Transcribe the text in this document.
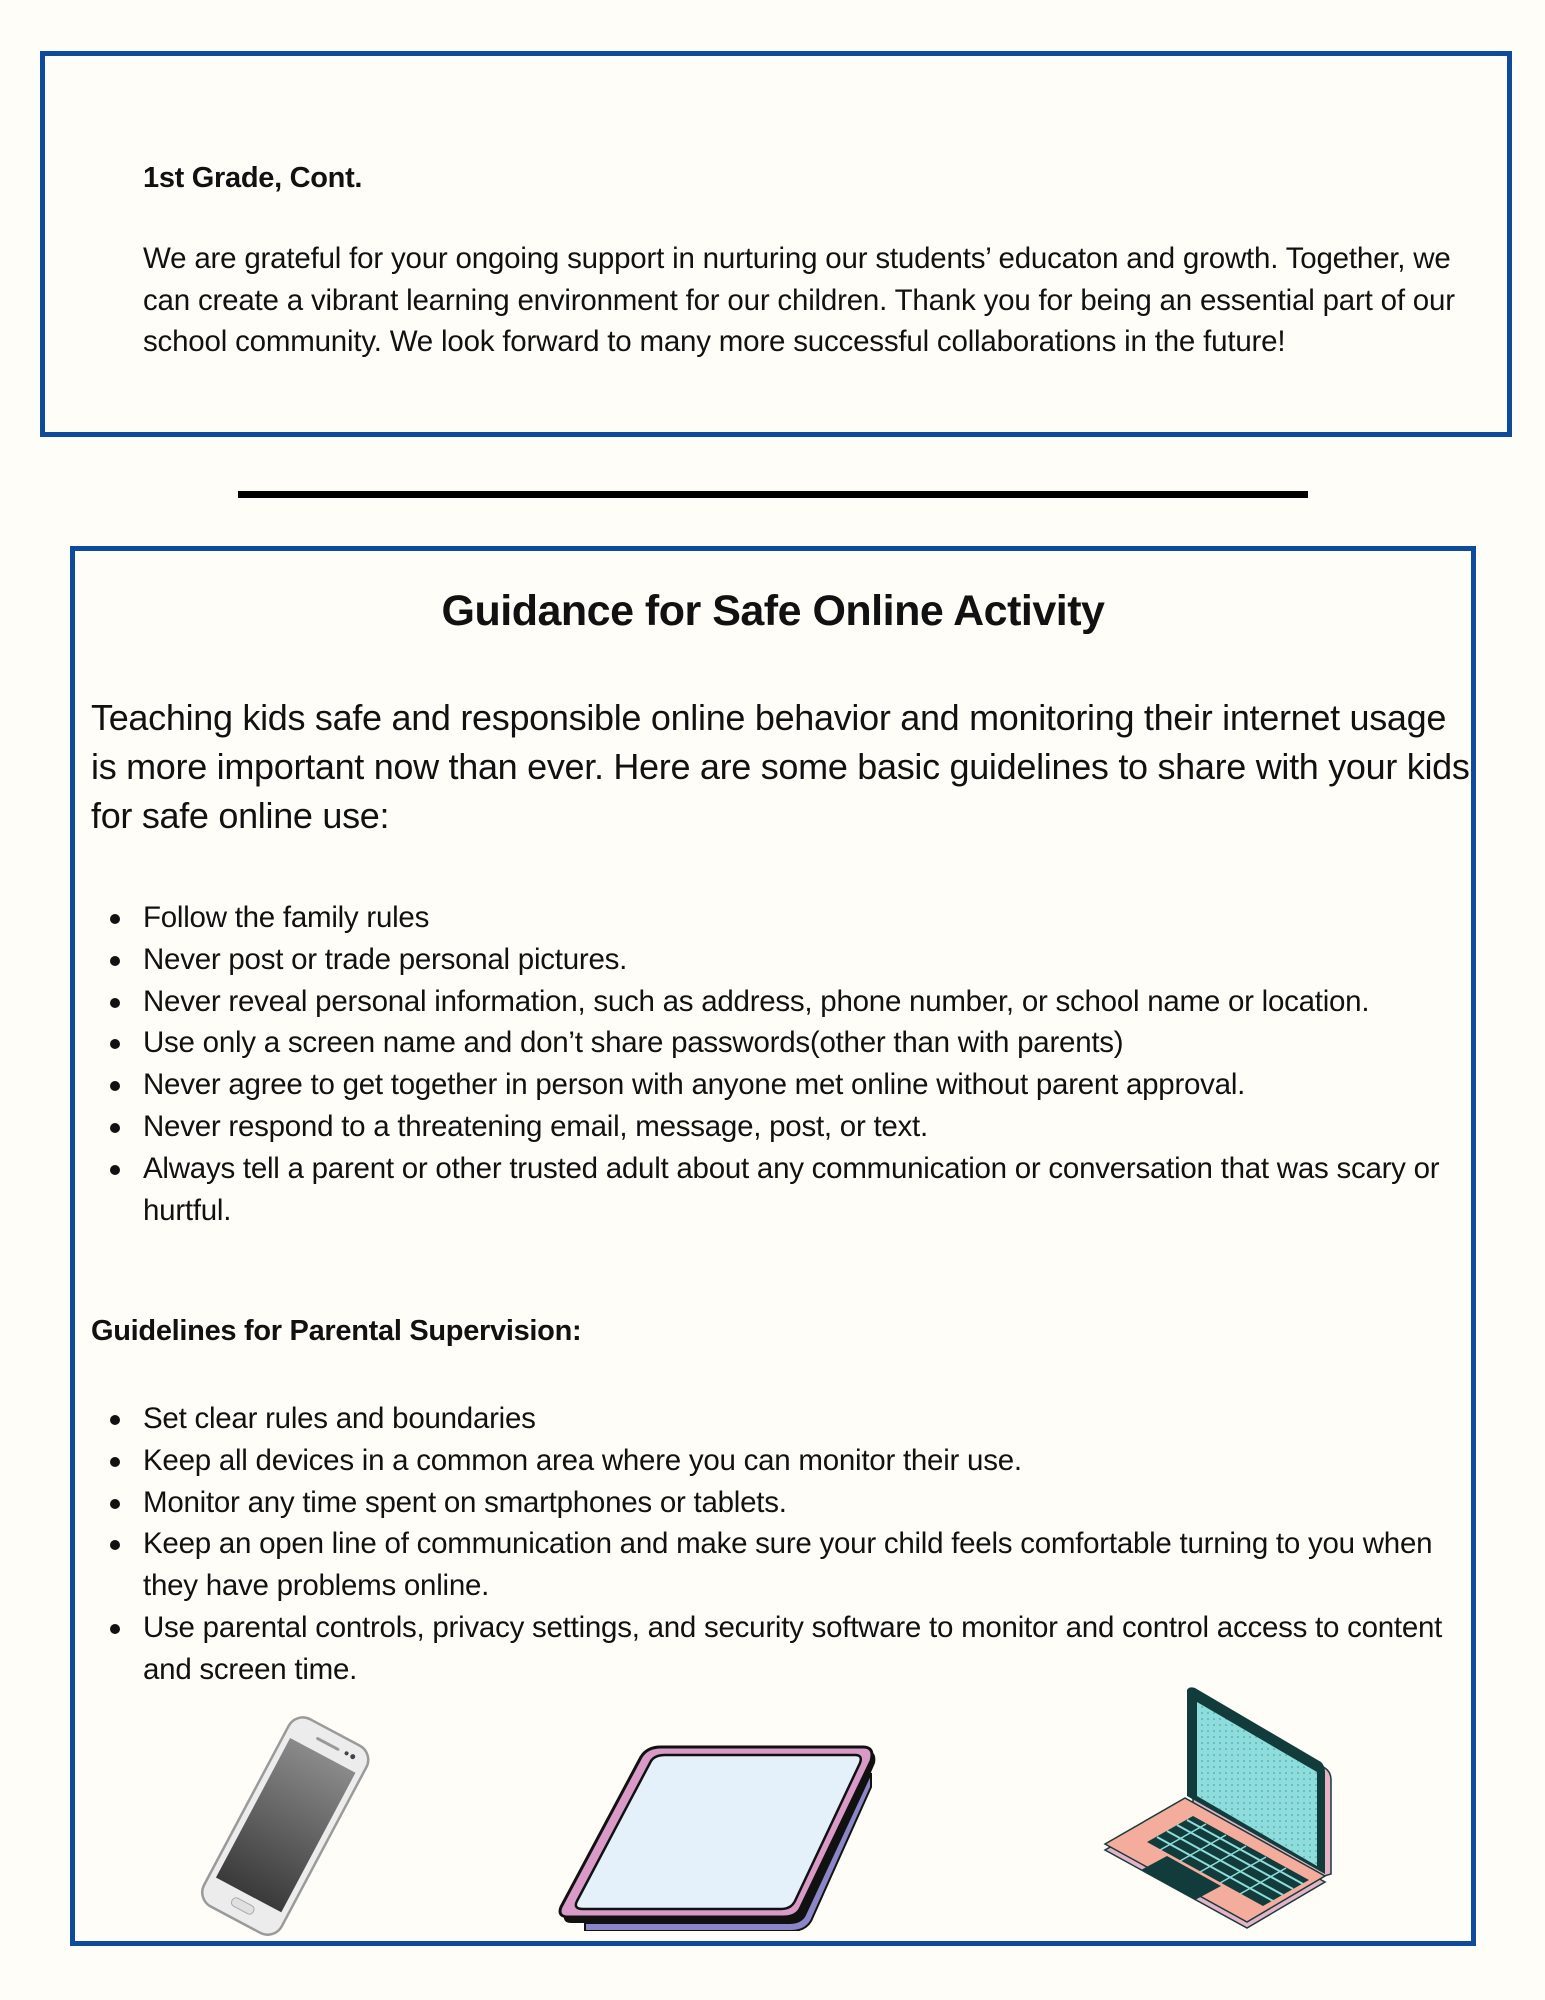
1st Grade, Cont.
We are grateful for your ongoing support in nurturing our students’ educaton and growth. Together, we can create a vibrant learning environment for our children. Thank you for being an essential part of our school community. We look forward to many more successful collaborations in the future!
Guidance for Safe Online Activity
Teaching kids safe and responsible online behavior and monitoring their internet usage is more important now than ever. Here are some basic guidelines to share with your kids for safe online use:
Follow the family rules
Never post or trade personal pictures.
Never reveal personal information, such as address, phone number, or school name or location.
Use only a screen name and don’t share passwords(other than with parents)
Never agree to get together in person with anyone met online without parent approval.
Never respond to a threatening email, message, post, or text.
Always tell a parent or other trusted adult about any communication or conversation that was scary or hurtful.
Guidelines for Parental Supervision:
Set clear rules and boundaries
Keep all devices in a common area where you can monitor their use.
Monitor any time spent on smartphones or tablets.
Keep an open line of communication and make sure your child feels comfortable turning to you when they have problems online.
Use parental controls, privacy settings, and security software to monitor and control access to content and screen time.
